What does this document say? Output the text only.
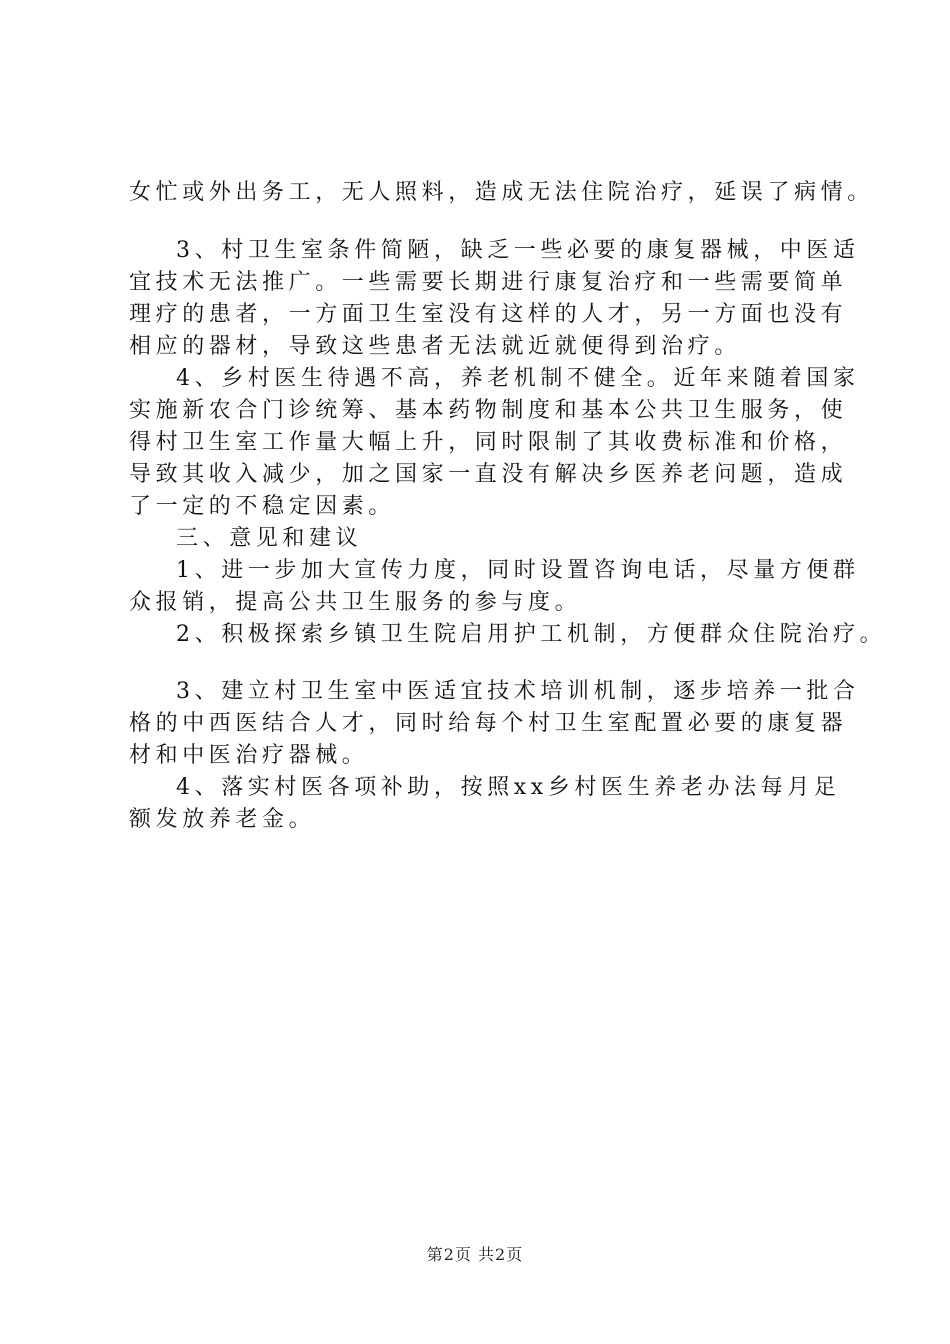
女忙或外出务工，无人照料，造成无法住院治疗，延误了病情。
3、村卫生室条件简陋，缺乏一些必要的康复器械，中医适
宜技术无法推广。一些需要长期进行康复治疗和一些需要简单
理疗的患者，一方面卫生室没有这样的人才，另一方面也没有
相应的器材，导致这些患者无法就近就便得到治疗。
4、乡村医生待遇不高，养老机制不健全。近年来随着国家
实施新农合门诊统筹、基本药物制度和基本公共卫生服务，使
得村卫生室工作量大幅上升，同时限制了其收费标准和价格，
导致其收入减少，加之国家一直没有解决乡医养老问题，造成
了一定的不稳定因素。
三、意见和建议
1、进一步加大宣传力度，同时设置咨询电话，尽量方便群
众报销，提高公共卫生服务的参与度。
2、积极探索乡镇卫生院启用护工机制，方便群众住院治疗。
3、建立村卫生室中医适宜技术培训机制，逐步培养一批合
格的中西医结合人才，同时给每个村卫生室配置必要的康复器
材和中医治疗器械。
4、落实村医各项补助，按照xx乡村医生养老办法每月足
额发放养老金。
第2页 共2页
